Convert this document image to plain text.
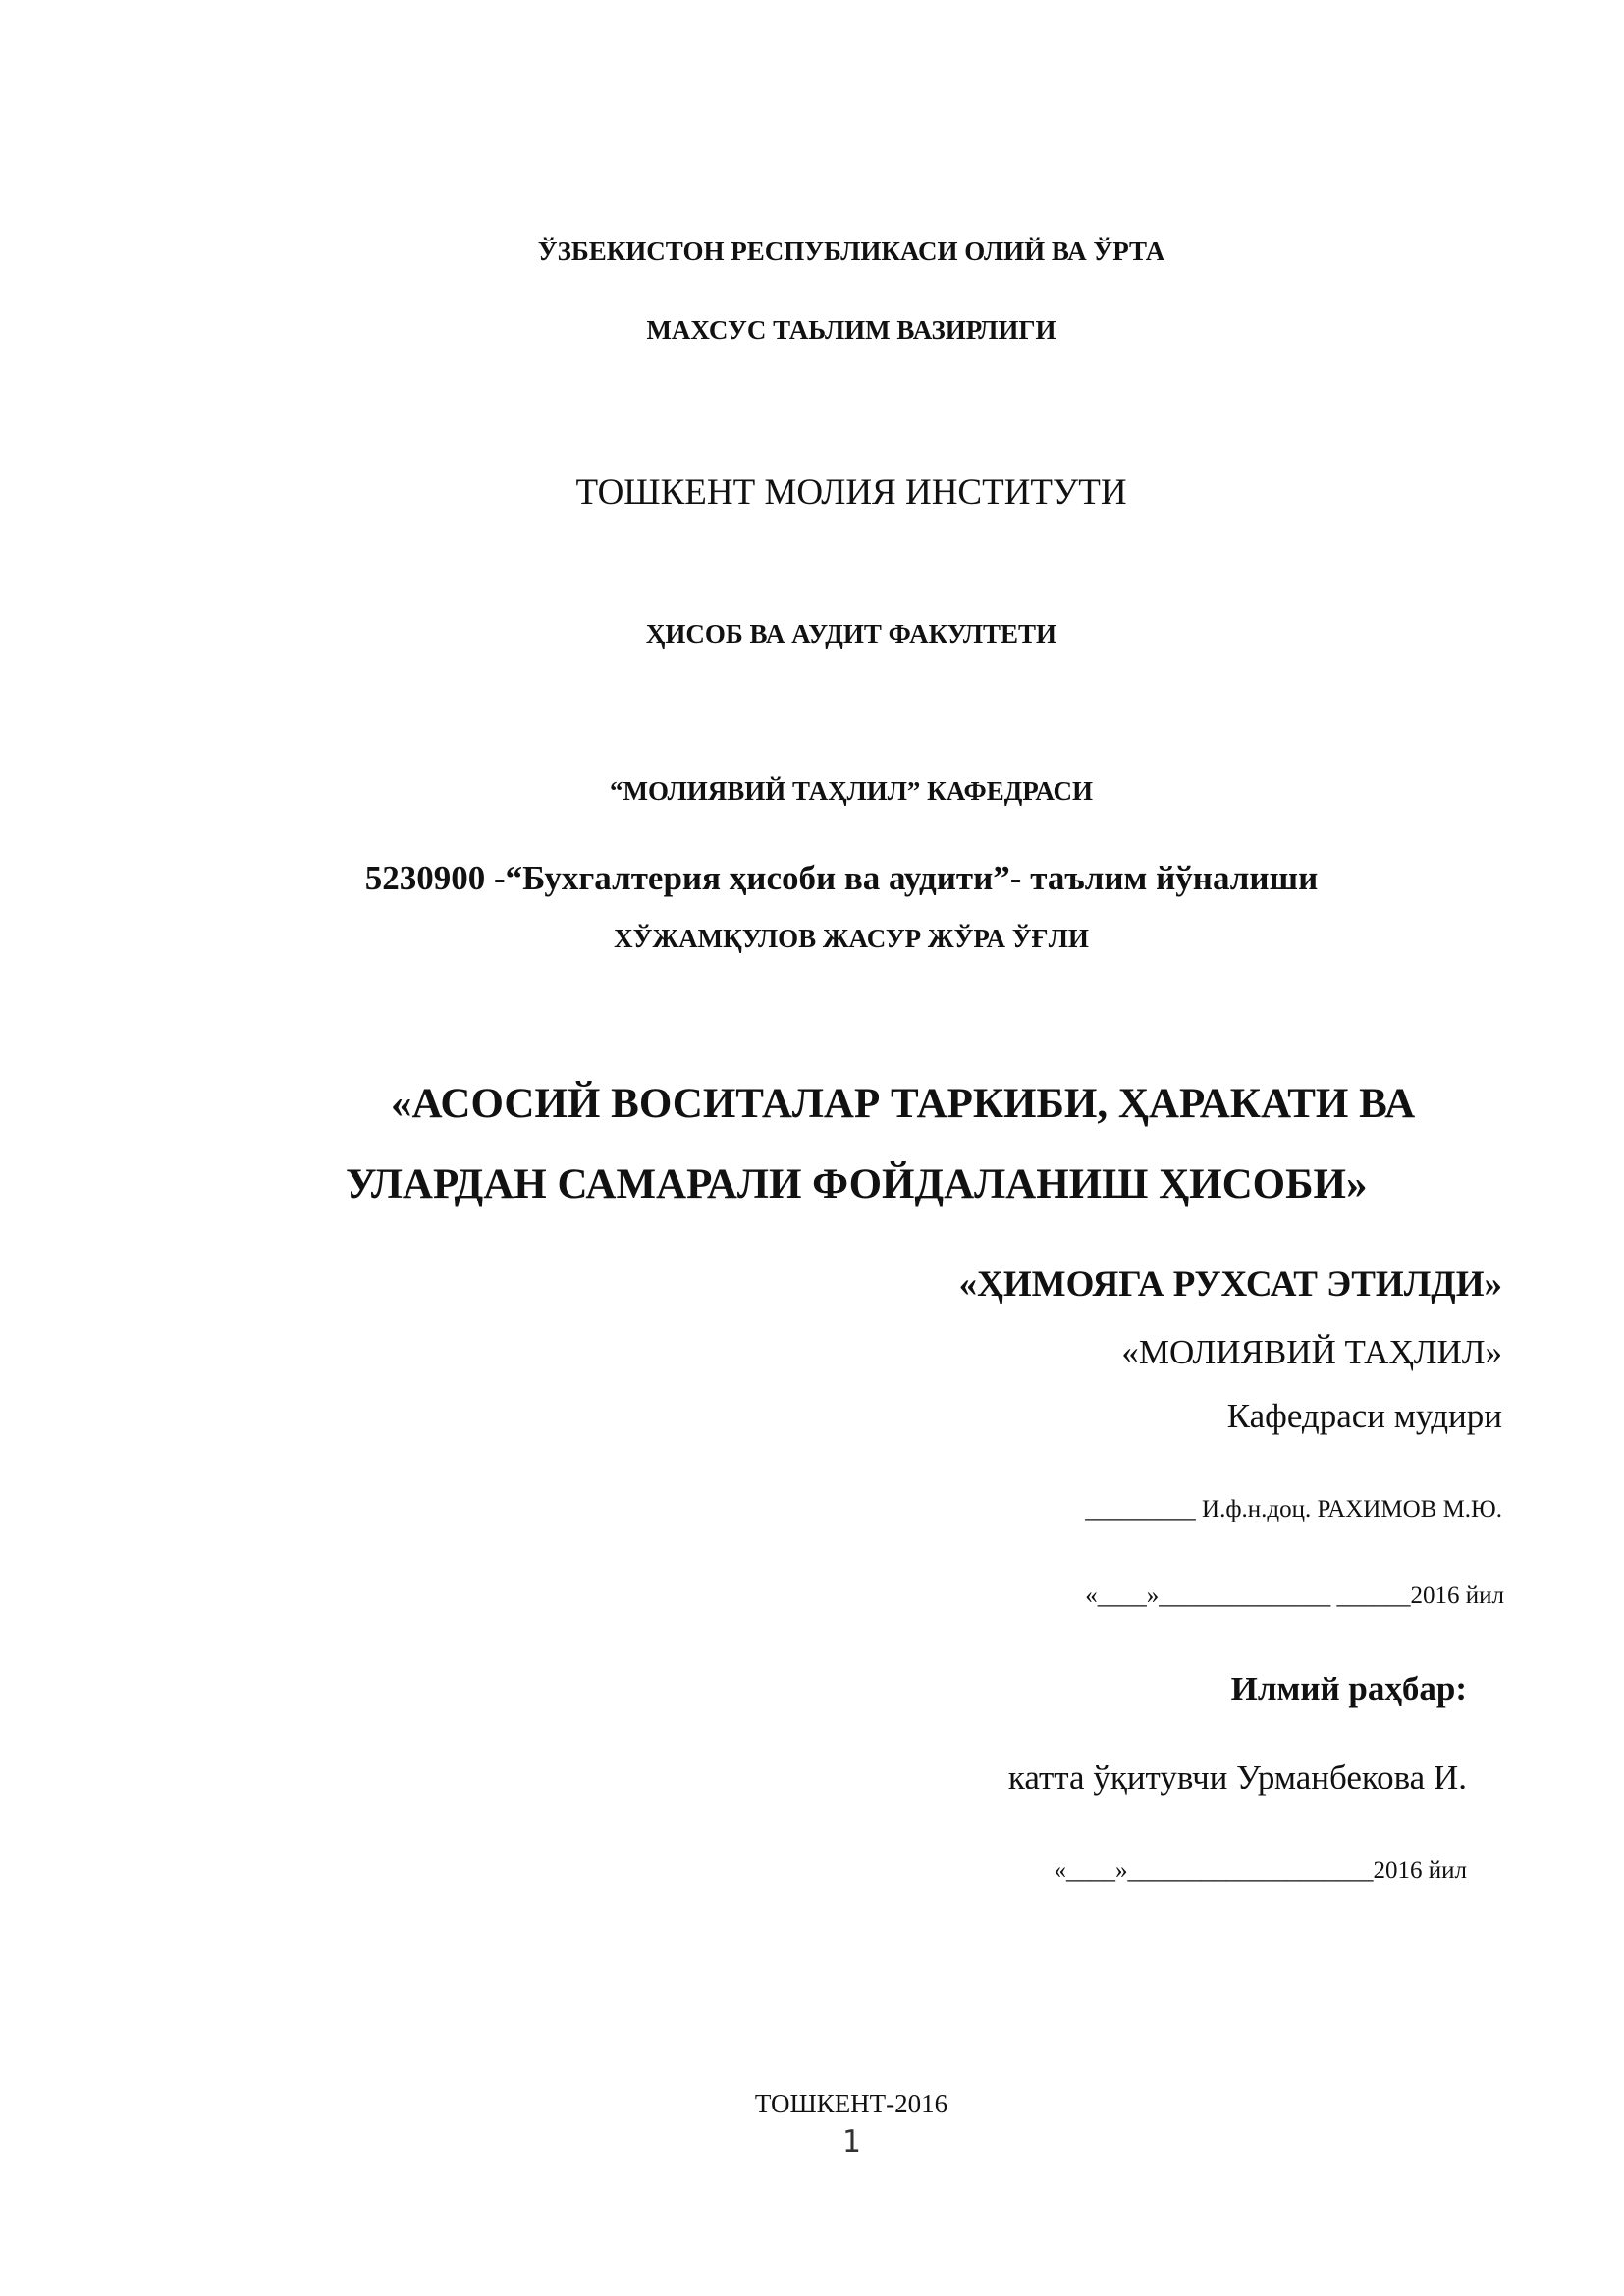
ЎЗБЕКИСТОН РЕСПУБЛИКАСИ ОЛИЙ ВА ЎРТА
МАХСУС ТАЬЛИМ ВАЗИРЛИГИ
ТОШКЕНТ МОЛИЯ ИНСТИТУТИ
ҲИСОБ ВА АУДИТ ФАКУЛТЕТИ
“МОЛИЯВИЙ ТАҲЛИЛ” КАФЕДРАСИ
5230900 -“Бухгалтерия ҳисоби ва аудити”- таълим йўналиши
ХЎЖАМҚУЛОВ ЖАСУР ЖЎРА ЎҒЛИ
«АСОСИЙ ВОСИТАЛАР ТАРКИБИ, ҲАРАКАТИ ВА
УЛАРДАН САМАРАЛИ ФОЙДАЛАНИШ ҲИСОБИ»
«ҲИМОЯГА РУХСАТ ЭТИЛДИ»
«МОЛИЯВИЙ ТАҲЛИЛ»
Кафедраси мудири
_________ И.ф.н.доц. РАХИМОВ М.Ю.
«____»______________ ______2016 йил
Илмий раҳбар:
катта ўқитувчи Урманбекова И.
«____»____________________2016 йил
ТОШКЕНТ-2016
1
